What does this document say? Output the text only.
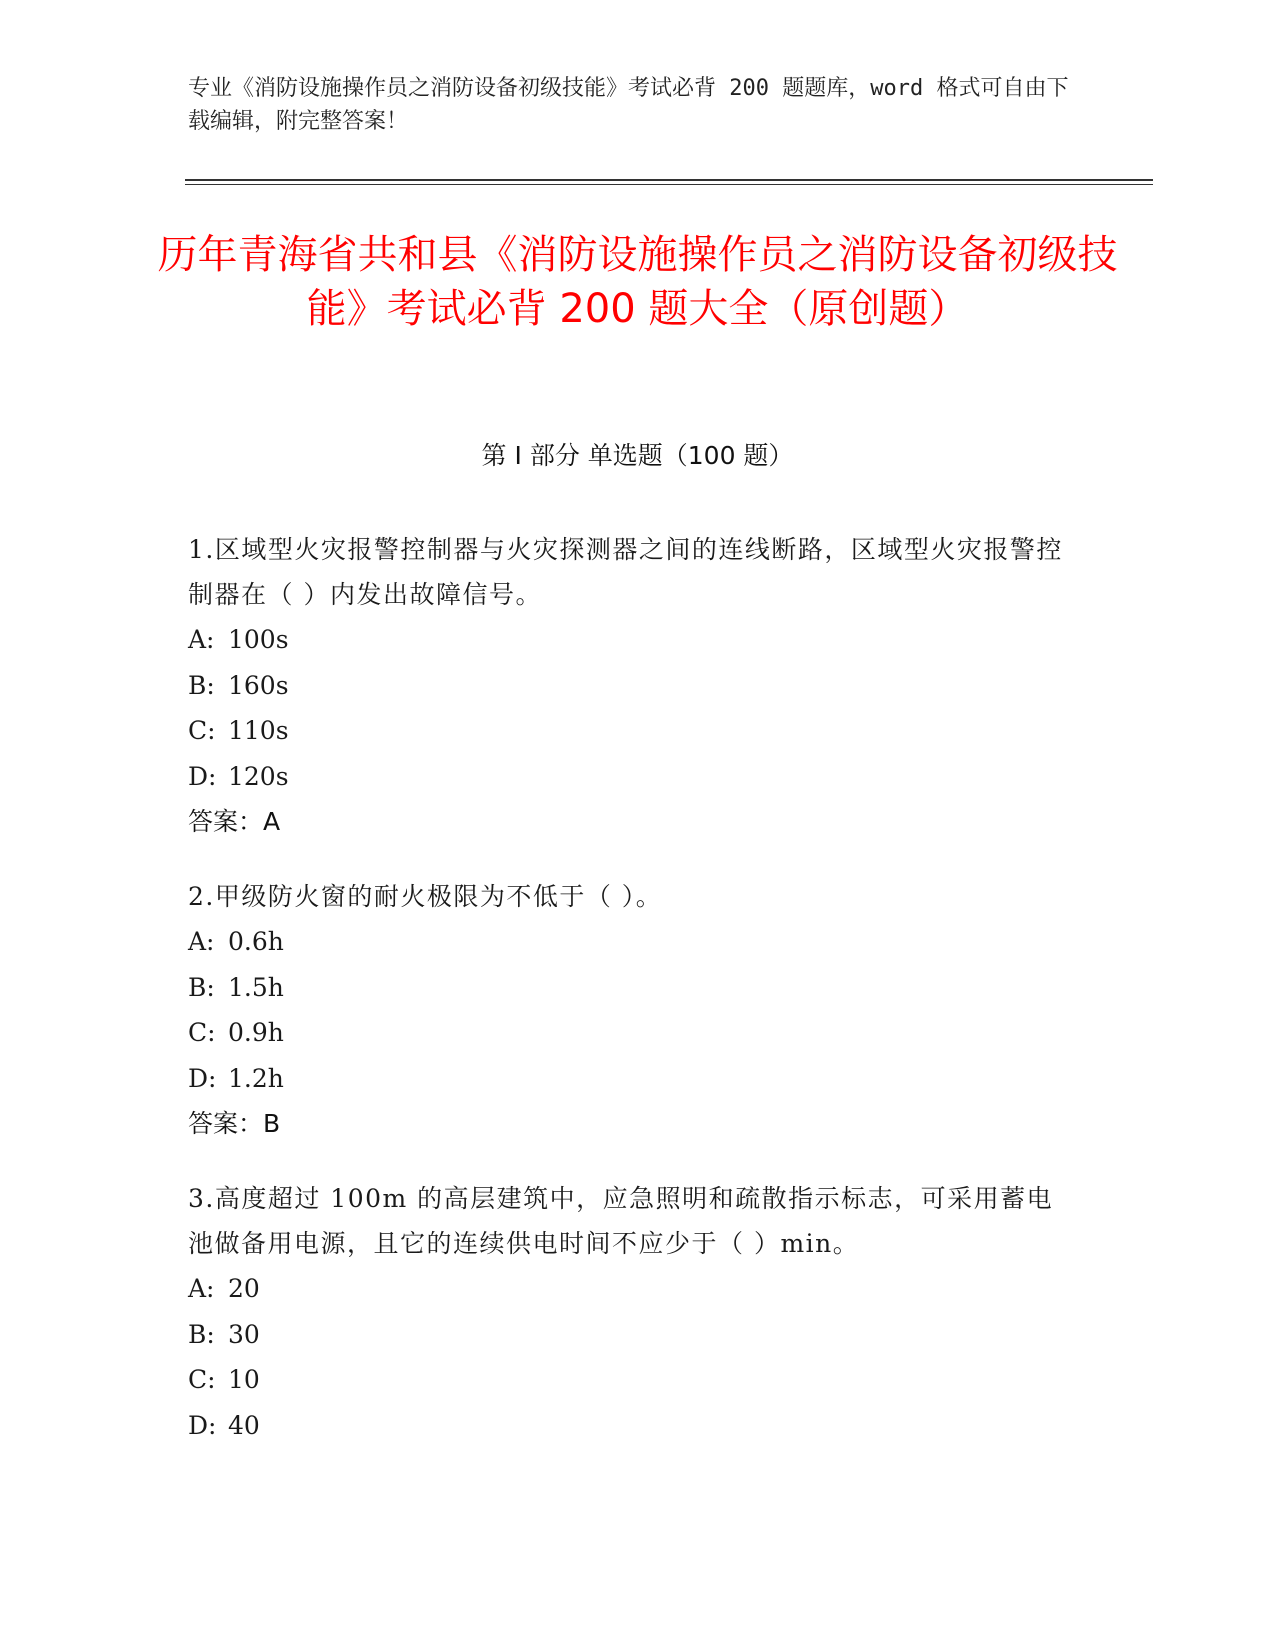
专业《消防设施操作员之消防设备初级技能》考试必背 200 题题库，word 格式可自由下载编辑，附完整答案！
历年青海省共和县《消防设施操作员之消防设备初级技能》考试必背 200 题大全（原创题）
第 I 部分 单选题（100 题）
1.区域型火灾报警控制器与火灾探测器之间的连线断路，区域型火灾报警控制器在（ ）内发出故障信号。
A: 100s
B: 160s
C: 110s
D: 120s
答案：A
2.甲级防火窗的耐火极限为不低于（ ）。
A: 0.6h
B: 1.5h
C: 0.9h
D: 1.2h
答案：B
3.高度超过 100m 的高层建筑中，应急照明和疏散指示标志，可采用蓄电池做备用电源，且它的连续供电时间不应少于（ ）min。
A: 20
B: 30
C: 10
D: 40
